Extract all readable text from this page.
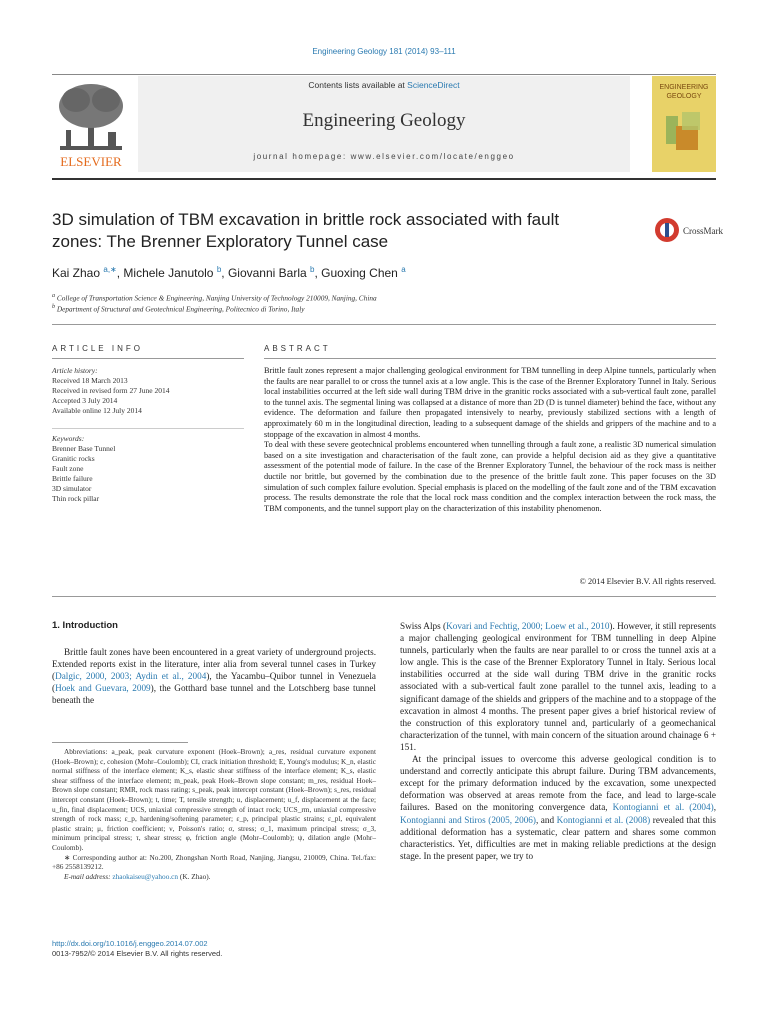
Engineering Geology 181 (2014) 93–111
ELSEVIER
Contents lists available at ScienceDirect
Engineering Geology
journal homepage: www.elsevier.com/locate/enggeo
ENGINEERING
GEOLOGY
3D simulation of TBM excavation in brittle rock associated with fault zones: The Brenner Exploratory Tunnel case
CrossMark
Kai Zhao $^{a,∗}$, Michele Janutolo $^b$, Giovanni Barla $^b$, Guoxing Chen $^a$
$^a$ College of Transportation Science & Engineering, Nanjing University of Technology 210009, Nanjing, China
$^b$ Department of Structural and Geotechnical Engineering, Politecnico di Torino, Italy
ARTICLE INFO	ABSTRACT
Article history:
Received 18 March 2013
Received in revised form 27 June 2014
Accepted 3 July 2014
Available online 12 July 2014
Keywords:
Brenner Base Tunnel
Granitic rocks
Fault zone
Brittle failure
3D simulator
Thin rock pillar

Brittle fault zones represent a major challenging geological environment for TBM tunnelling in deep Alpine tunnels, particularly when the faults are near parallel to or cross the tunnel axis at a low angle. This is the case of the Brenner Exploratory Tunnel in Italy. Serious local instabilities occurred at the left side wall during TBM drive in the granitic rocks associated with a sub-vertical fault zone, parallel to the tunnel axis. The segmental lining was collapsed at a distance of more than 2D (D is tunnel diameter) behind the face, without any evidence. The deformation and failure then propagated intensively to nearby, previously stabilized sections with a length of approximately 60 m in the longitudinal direction, leading to a subsequent damage of the shields and grippers of the machine and to a stoppage of the excavation in almost 4 months.

To deal with these severe geotechnical problems encountered when tunnelling through a fault zone, a realistic 3D numerical simulation based on a site investigation and characterisation of the fault zone, can provide a helpful decision aid as they give a quantitative assessment of the potential mode of failure. In the case of the Brenner Exploratory Tunnel, the behaviour of the rock mass is neither ductile nor brittle, but governed by the combination due to the presence of the brittle fault zone. This paper focuses on the 3D simulation of such complex failure evolution. Special emphasis is placed on the modelling of the fault zone and of the TBM excavation process. The results demonstrate the role that the local rock mass condition and the complex interaction between the rock mass, the TBM components, and the tunnel support play on the characterization of this instability phenomenon.

© 2014 Elsevier B.V. All rights reserved.
1. Introduction

Brittle fault zones have been encountered in a great variety of underground projects. Extended reports exist in the literature, inter alia from several tunnel cases in Turkey (Dalgic, 2000, 2003; Aydin et al., 2004), the Yacambu–Quibor tunnel in Venezuela (Hoek and Guevara, 2009), the Gotthard base tunnel and the Lotschberg base tunnel beneath the

Swiss Alps (Kovari and Fechtig, 2000; Loew et al., 2010). However, it still represents a major challenging geological environment for TBM tunnelling in deep Alpine tunnels, particularly when the faults are near parallel to or cross the tunnel axis at a low angle. This is the case of the Brenner Exploratory Tunnel in Italy. Serious local instabilities occurred at the side wall during TBM drive in the granitic rocks associated with a sub-vertical fault zone parallel to the tunnel axis, leading to a significant damage of the shields and grippers of the machine and to a stoppage of the excavation in almost 4 months. The present paper gives a brief historical review of the construction of this exploratory tunnel and, particularly of a geomechanical characterization of the tunnel, with main concern of the situation around chainage 6 + 151.

At the principal issues to overcome this adverse geological condition is to understand and correctly anticipate this abrupt failure. During TBM advancements, except for the primary deformation induced by the excavation, some unexpected deformation was observed at areas remote from the face, and lead to large-scale failures. Based on the monitoring convergence data, Kontogianni et al. (2004), Kontogianni and Stiros (2005, 2006), and Kontogianni et al. (2008) revealed that this additional deformation has a systematic, clear pattern and shares some common characteristics. Yet, difficulties are met in making reliable predictions at the design stage. In the present paper, we try to

Abbreviations: a_peak, peak curvature exponent (Hoek–Brown); a_res, residual curvature exponent (Hoek–Brown); c, cohesion (Mohr–Coulomb); CI, crack initiation threshold; E, Young's modulus; K_n, elastic normal stiffness of the interface element; K_s, elastic shear stiffness of the interface element; K_s, elastic shear stiffness of the interface element; m_peak, peak Hoek–Brown slope constant; m_res, residual Hoek–Brown slope constant; RMR, rock mass rating; s_peak, peak intercept constant (Hoek–Brown); s_res, residual intercept constant (Hoek–Brown); t, time; T, tensile strength; u, displacement; u_f, displacement at the face; u_fin, final displacement; UCS, uniaxial compressive strength of intact rock; UCS_rm, uniaxial compressive strength of rock mass; ε_p, hardening/softening parameter; ε_p, principal plastic strains; ε_pl, equivalent plastic strain; μ, friction coefficient; ν, Poisson's ratio; σ, stress; σ_1, maximum principal stress; σ_3, minimum principal stress; τ, shear stress; φ, friction angle (Mohr–Coulomb); ψ, dilation angle (Mohr–Coulomb).

∗ Corresponding author at: No.200, Zhongshan North Road, Nanjing, Jiangsu, 210009, China. Tel./fax: +86 2558139212.

E-mail address: zhaokaiseu@yahoo.cn (K. Zhao).

http://dx.doi.org/10.1016/j.enggeo.2014.07.002
0013-7952/© 2014 Elsevier B.V. All rights reserved.
